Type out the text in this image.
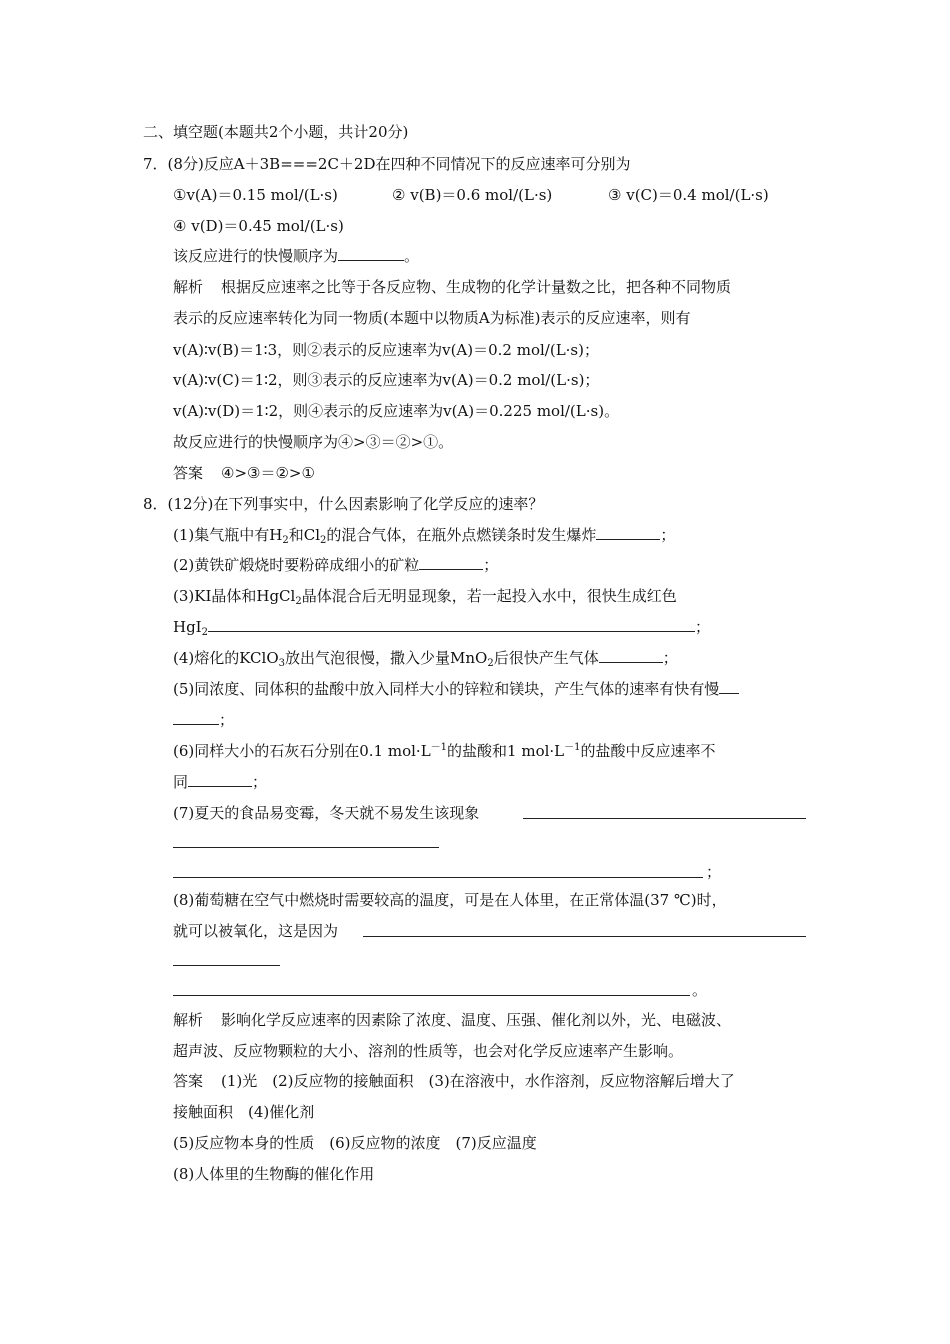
二、填空题(本题共2个小题，共计20分)
7．(8分)反应A＋3B===2C＋2D在四种不同情况下的反应速率可分别为
①v(A)＝0.15 mol/(L·s)	② v(B)＝0.6 mol/(L·s)	③ v(C)＝0.4 mol/(L·s)
④ v(D)＝0.45 mol/(L·s)
该反应进行的快慢顺序为	。
解析 根据反应速率之比等于各反应物、生成物的化学计量数之比，把各种不同物质
表示的反应速率转化为同一物质(本题中以物质A为标准)表示的反应速率，则有
v(A)∶v(B)＝1∶3，则②表示的反应速率为v(A)＝0.2 mol/(L·s)；
v(A)∶v(C)＝1∶2，则③表示的反应速率为v(A)＝0.2 mol/(L·s)；
v(A)∶v(D)＝1∶2，则④表示的反应速率为v(A)＝0.225 mol/(L·s)。
故反应进行的快慢顺序为④>③＝②>①。
答案 ④>③＝②>①
8．(12分)在下列事实中，什么因素影响了化学反应的速率？
(1)集气瓶中有$H_2$和$Cl_2$的混合气体，在瓶外点燃镁条时发生爆炸	；
(2)黄铁矿煅烧时要粉碎成细小的矿粒	；
(3)KI晶体和HgCl$_2$晶体混合后无明显现象，若一起投入水中，很快生成红色
HgI$_2$	；
(4)熔化的KClO$_3$放出气泡很慢，撒入少量MnO$_2$后很快产生气体	；
(5)同浓度、同体积的盐酸中放入同样大小的锌粒和镁块，产生气体的速率有快有慢
；
(6)同样大小的石灰石分别在0.1 $mol\cdot L^{-1}$的盐酸和1 $mol\cdot L^{-1}$的盐酸中反应速率不
同	；
(7)夏天的食品易变霉，冬天就不易发生该现象
；
(8)葡萄糖在空气中燃烧时需要较高的温度，可是在人体里，在正常体温(37 ℃)时，
就可以被氧化，这是因为
。
解析 影响化学反应速率的因素除了浓度、温度、压强、催化剂以外，光、电磁波、
超声波、反应物颗粒的大小、溶剂的性质等，也会对化学反应速率产生影响。
答案 (1)光　(2)反应物的接触面积　(3)在溶液中，水作溶剂，反应物溶解后增大了
接触面积　(4)催化剂
(5)反应物本身的性质　(6)反应物的浓度　(7)反应温度
(8)人体里的生物酶的催化作用
